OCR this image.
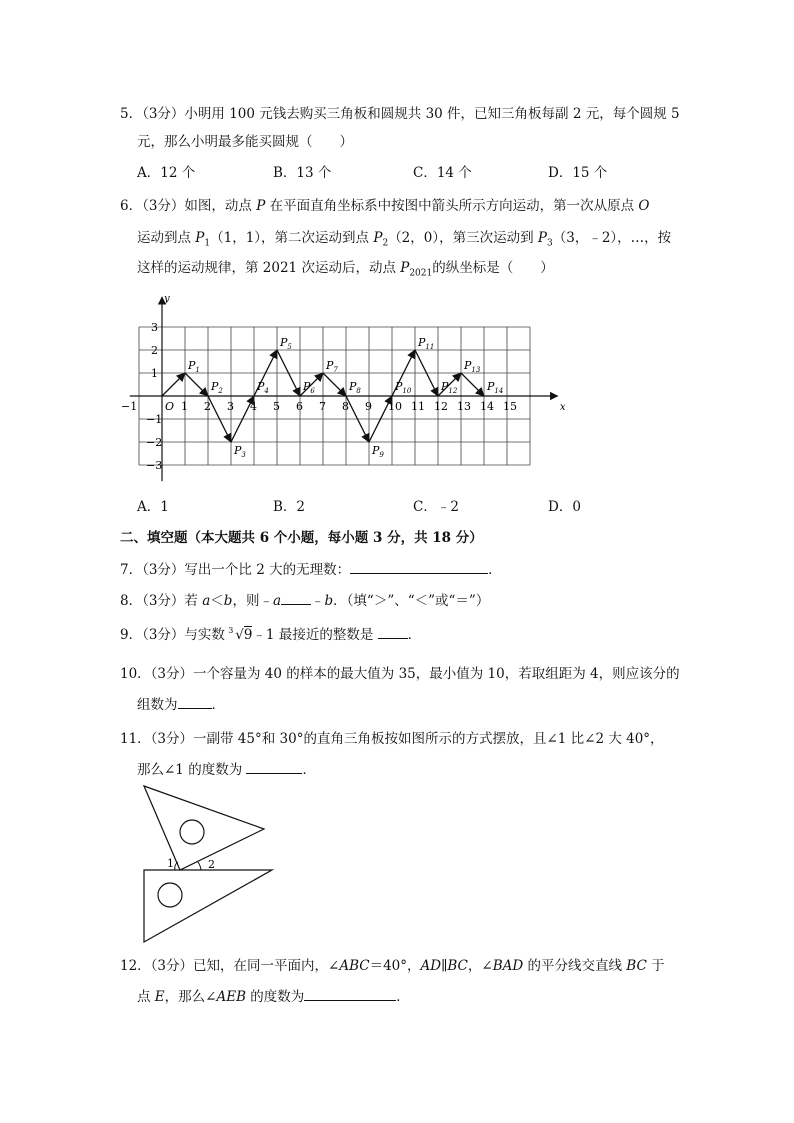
5．（3分）小明用 100 元钱去购买三角板和圆规共 30 件，已知三角板每副 2 元，每个圆规 5
元，那么小明最多能买圆规（　　）
A．12 个	B．13 个	C．14 个	D．15 个
6．（3分）如图，动点 P 在平面直角坐标系中按图中箭头所示方向运动，第一次从原点 O
运动到点 $P_1(1$，1），第二次运动到点 $P_2(2$，0），第三次运动到 $P_3(3$，﹣2），…，按
这样的运动规律，第 2021 次运动后，动点 $P_{2021}$的纵坐标是（　　）
x
y
O
−1	1 2 3 4 5 6 7 8 9 10 11 12 13 14 15
3
2
1
−1
−2
−3
$P_1$
$P_2$
$P_3$
$P_4$
$P_5$
$P_6$
$P_7$
$P_8$
$P_9$
$P_{10}$
$P_{11}$
$P_{12}$
$P_{13}$
$P_{14}$
A．1	B．2	C．﹣2	D．0
二、填空题（本大题共 6 个小题，每小题 3 分，共 18 分）
7．（3分）写出一个比 2 大的无理数：	．
8．（3分）若 a＜b，则﹣a ﹣b．（填“＞”、“＜”或“＝”）
9．（3分）与实数 3 √9﹣1 最接近的整数是 ．
10．（3分）一个容量为 40 的样本的最大值为 35，最小值为 10，若取组距为 4，则应该分的
组数为	．
11．（3分）一副带 45°和 30°的直角三角板按如图所示的方式摆放，且∠1 比∠2 大 40°，
那么∠1 的度数为	．
1	2
12．（3分）已知，在同一平面内，∠ABC＝40°，AD∥BC，∠BAD 的平分线交直线 BC 于
点 E，那么∠AEB 的度数为	．
